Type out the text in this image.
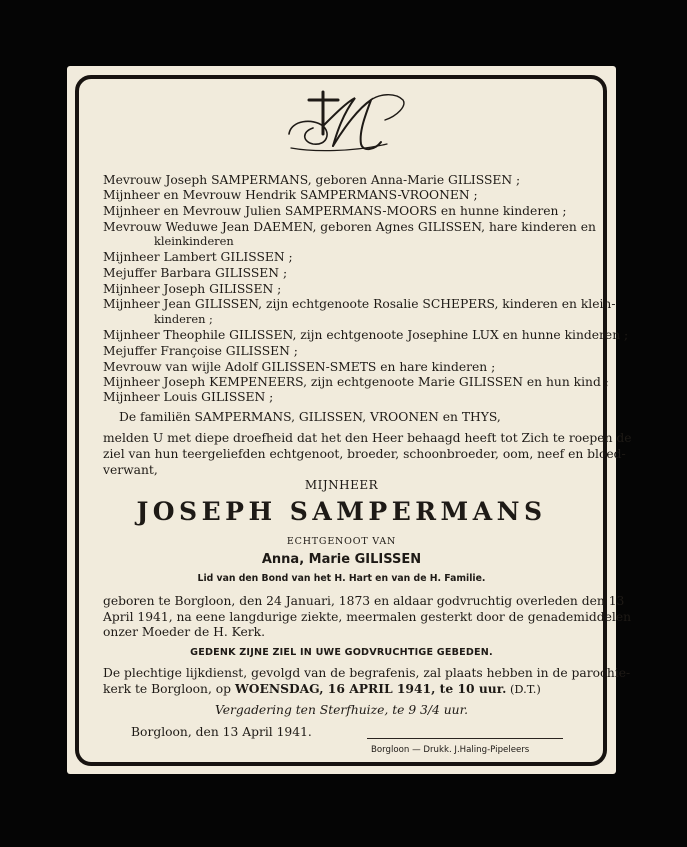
Mevrouw Joseph SAMPERMANS, geboren Anna-Marie GILISSEN ;
Mijnheer en Mevrouw Hendrik SAMPERMANS-VROONEN ;
Mijnheer en Mevrouw Julien SAMPERMANS-MOORS en hunne kinderen ;
Mevrouw Weduwe Jean DAEMEN, geboren Agnes GILISSEN, hare kinderen en
kleinkinderen
Mijnheer Lambert GILISSEN ;
Mejuffer Barbara GILISSEN ;
Mijnheer Joseph GILISSEN ;
Mijnheer Jean GILISSEN, zijn echtgenoote Rosalie SCHEPERS, kinderen en klein-
kinderen ;
Mijnheer Theophile GILISSEN, zijn echtgenoote Josephine LUX en hunne kinderen ;
Mejuffer Françoise GILISSEN ;
Mevrouw van wijle Adolf GILISSEN-SMETS en hare kinderen ;
Mijnheer Joseph KEMPENEERS, zijn echtgenoote Marie GILISSEN en hun kind ;
Mijnheer Louis GILISSEN ;
De familiën SAMPERMANS, GILISSEN, VROONEN en THYS,
melden U met diepe droefheid dat het den Heer behaagd heeft tot Zich te roepen de
ziel van hun teergeliefden echtgenoot, broeder, schoonbroeder, oom, neef en bloed-
verwant,
MIJNHEER
JOSEPH SAMPERMANS
ECHTGENOOT VAN
Anna, Marie GILISSEN
Lid van den Bond van het H. Hart en van de H. Familie.
geboren te Borgloon, den 24 Januari, 1873 en aldaar godvruchtig overleden den 13
April 1941, na eene langdurige ziekte, meermalen gesterkt door de genademiddelen
onzer Moeder de H. Kerk.
GEDENK ZIJNE ZIEL IN UWE GODVRUCHTIGE GEBEDEN.
De plechtige lijkdienst, gevolgd van de begrafenis, zal plaats hebben in de parochie-
kerk te Borgloon, op WOENSDAG, 16 APRIL 1941, te 10 uur. (D.T.)
Vergadering ten Sterfhuize, te 9 3/4 uur.
Borgloon, den 13 April 1941.
Borgloon — Drukk. J.Haling-Pipeleers
